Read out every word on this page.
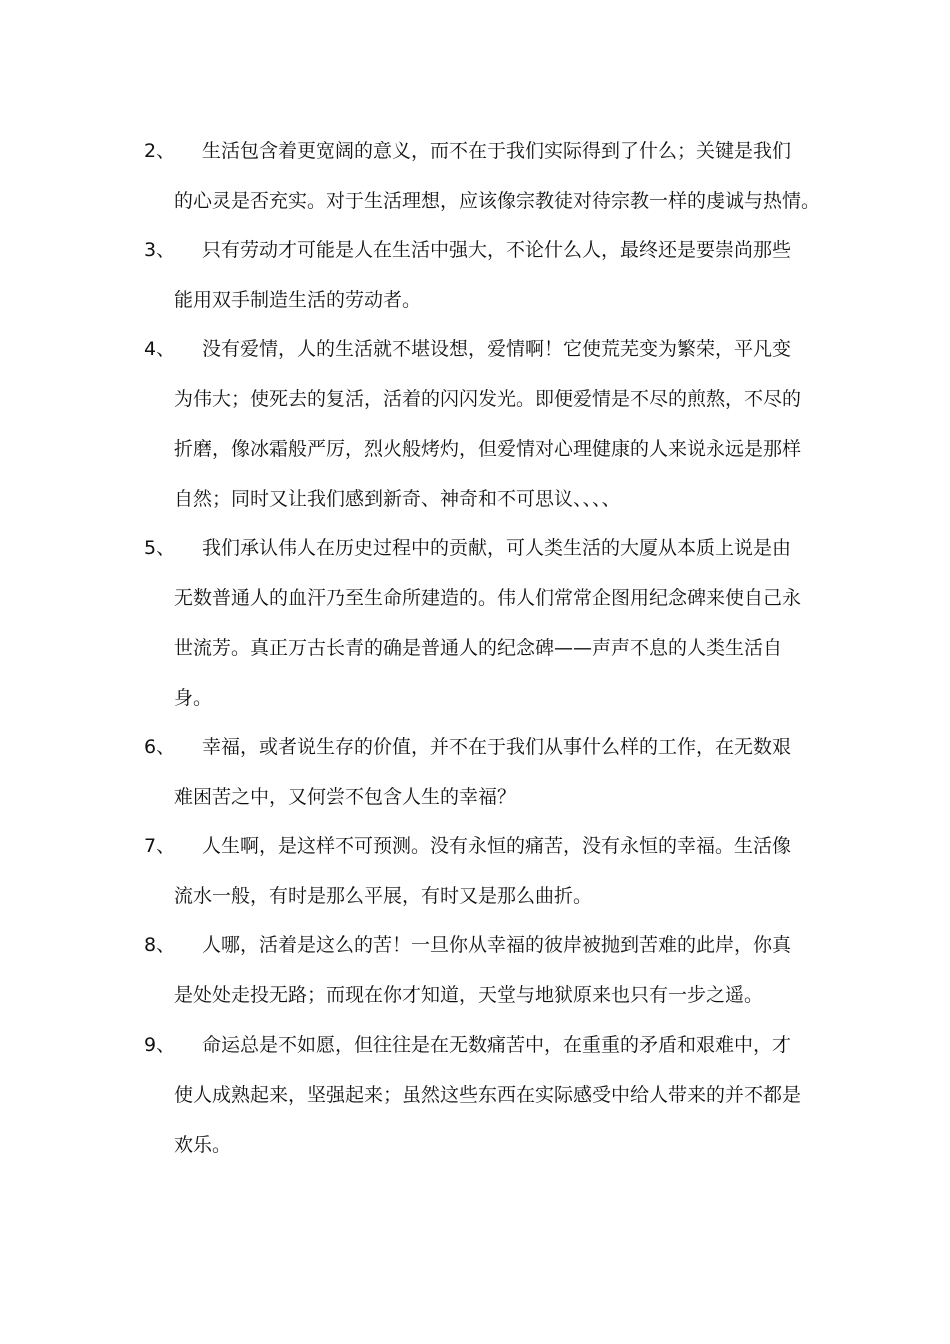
2、 生活包含着更宽阔的意义，而不在于我们实际得到了什么；关键是我们
的心灵是否充实。对于生活理想，应该像宗教徒对待宗教一样的虔诚与热情。
3、 只有劳动才可能是人在生活中强大，不论什么人，最终还是要崇尚那些
能用双手制造生活的劳动者。
4、 没有爱情，人的生活就不堪设想，爱情啊！它使荒芜变为繁荣，平凡变
为伟大；使死去的复活，活着的闪闪发光。即便爱情是不尽的煎熬，不尽的
折磨，像冰霜般严厉，烈火般烤灼，但爱情对心理健康的人来说永远是那样
自然；同时又让我们感到新奇、神奇和不可思议、、、、
5、 我们承认伟人在历史过程中的贡献，可人类生活的大厦从本质上说是由
无数普通人的血汗乃至生命所建造的。伟人们常常企图用纪念碑来使自己永
世流芳。真正万古长青的确是普通人的纪念碑——声声不息的人类生活自
身。
6、 幸福，或者说生存的价值，并不在于我们从事什么样的工作，在无数艰
难困苦之中，又何尝不包含人生的幸福？
7、 人生啊，是这样不可预测。没有永恒的痛苦，没有永恒的幸福。生活像
流水一般，有时是那么平展，有时又是那么曲折。
8、 人哪，活着是这么的苦！一旦你从幸福的彼岸被抛到苦难的此岸，你真
是处处走投无路；而现在你才知道，天堂与地狱原来也只有一步之遥。
9、 命运总是不如愿，但往往是在无数痛苦中，在重重的矛盾和艰难中，才
使人成熟起来，坚强起来；虽然这些东西在实际感受中给人带来的并不都是
欢乐。
